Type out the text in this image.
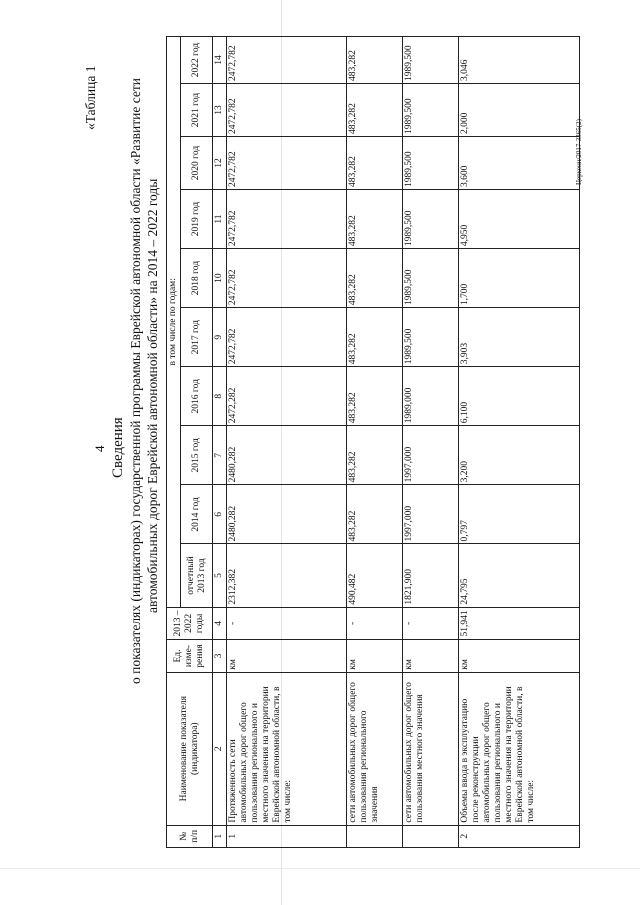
4 Сведения о показателях (индикаторах) государственной программы Еврейской автономной области «Развитие сети автомобильных дорог Еврейской автономной области» на 2014 – 2022 годы
«Таблица 1
№ п/п	Наименование показателя (индикатора)	Ед. изме-рения	2013 – 2022 годы	в том числе по годам:									
				отчетный 2013 год	2014 год	2015 год	2016 год	2017 год	2018 год	2019 год	2020 год	2021 год	2022 год
1	2	3	4	5	6	7	8	9	10	11	12	13	14
1	Протяженность сети автомобильных дорог общего пользования регионального и местного значения на территории Еврейской автономной области, в том числе:	км	-	2312,382	2480,282	2480,282	2472,282	2472,782	2472,782	2472,782	2472,782	2472,782	2472,782
	сети автомобильных дорог общего пользования регионального значения	км	-	490,482	483,282	483,282	483,282	483,282	483,282	483,282	483,282	483,282	483,282
	сети автомобильных дорог общего пользования местного значения	км	-	1821,900	1997,000	1997,000	1989,000	1989,500	1989,500	1989,500	1989,500	1989,500	1989,500
2	Объемы ввода в эксплуатацию после реконструкции автомобильных дорог общего пользования регионального и местного значения на территории Еврейской автономной области, в том числе:	км	51,941	24,795	0,797	3,200	6,100	3,903	1,700	4,950	3,600	2,000	3,046
Церкенн/2017-3365(2)
